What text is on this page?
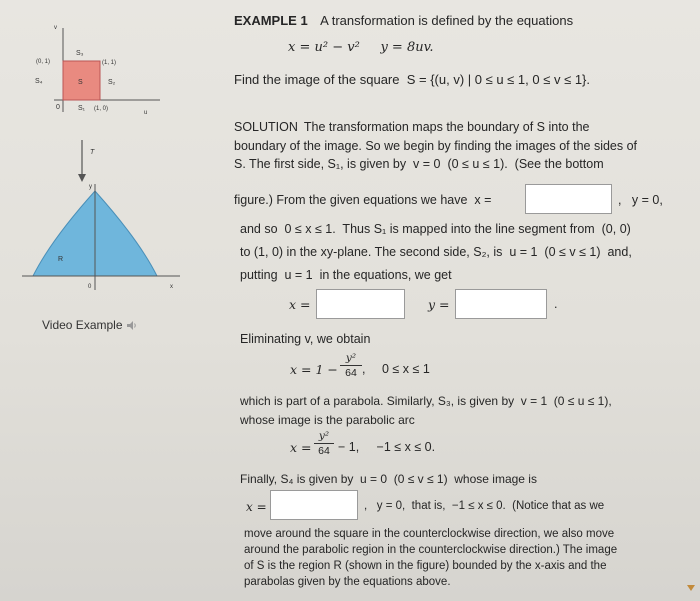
v
u
0
(0, 1)	(1, 1)
(1, 0)
S₃
S₄	S	S₂
S₁
T
y
x
0
R
Video Example
EXAMPLE 1 A transformation is defined by the equations
x = u² − v²     y = 8uv.
Find the image of the square  S = {(u, v) | 0 ≤ u ≤ 1, 0 ≤ v ≤ 1}.
SOLUTION The transformation maps the boundary of S into the
boundary of the image. So we begin by finding the images of the sides of
S. The first side, S₁, is given by  v = 0  (0 ≤ u ≤ 1).  (See the bottom
figure.) From the given equations we have  x =	,   y = 0,
and so  0 ≤ x ≤ 1.  Thus S₁ is mapped into the line segment from  (0, 0)
to (1, 0) in the xy-plane. The second side, S₂, is  u = 1  (0 ≤ v ≤ 1)  and,
putting  u = 1  in the equations, we get
x =	y =	.
Eliminating v, we obtain
x = 1 −
y²
64 , 0 ≤ x ≤ 1
which is part of a parabola. Similarly, S₃, is given by  v = 1  (0 ≤ u ≤ 1),
whose image is the parabolic arc
x =
y²
64 − 1,     −1 ≤ x ≤ 0.
Finally, S₄ is given by  u = 0  (0 ≤ v ≤ 1)  whose image is
x =	,   y = 0,  that is,  −1 ≤ x ≤ 0.  (Notice that as we
move around the square in the counterclockwise direction, we also move
around the parabolic region in the counterclockwise direction.) The image
of S is the region R (shown in the figure) bounded by the x-axis and the
parabolas given by the equations above.
